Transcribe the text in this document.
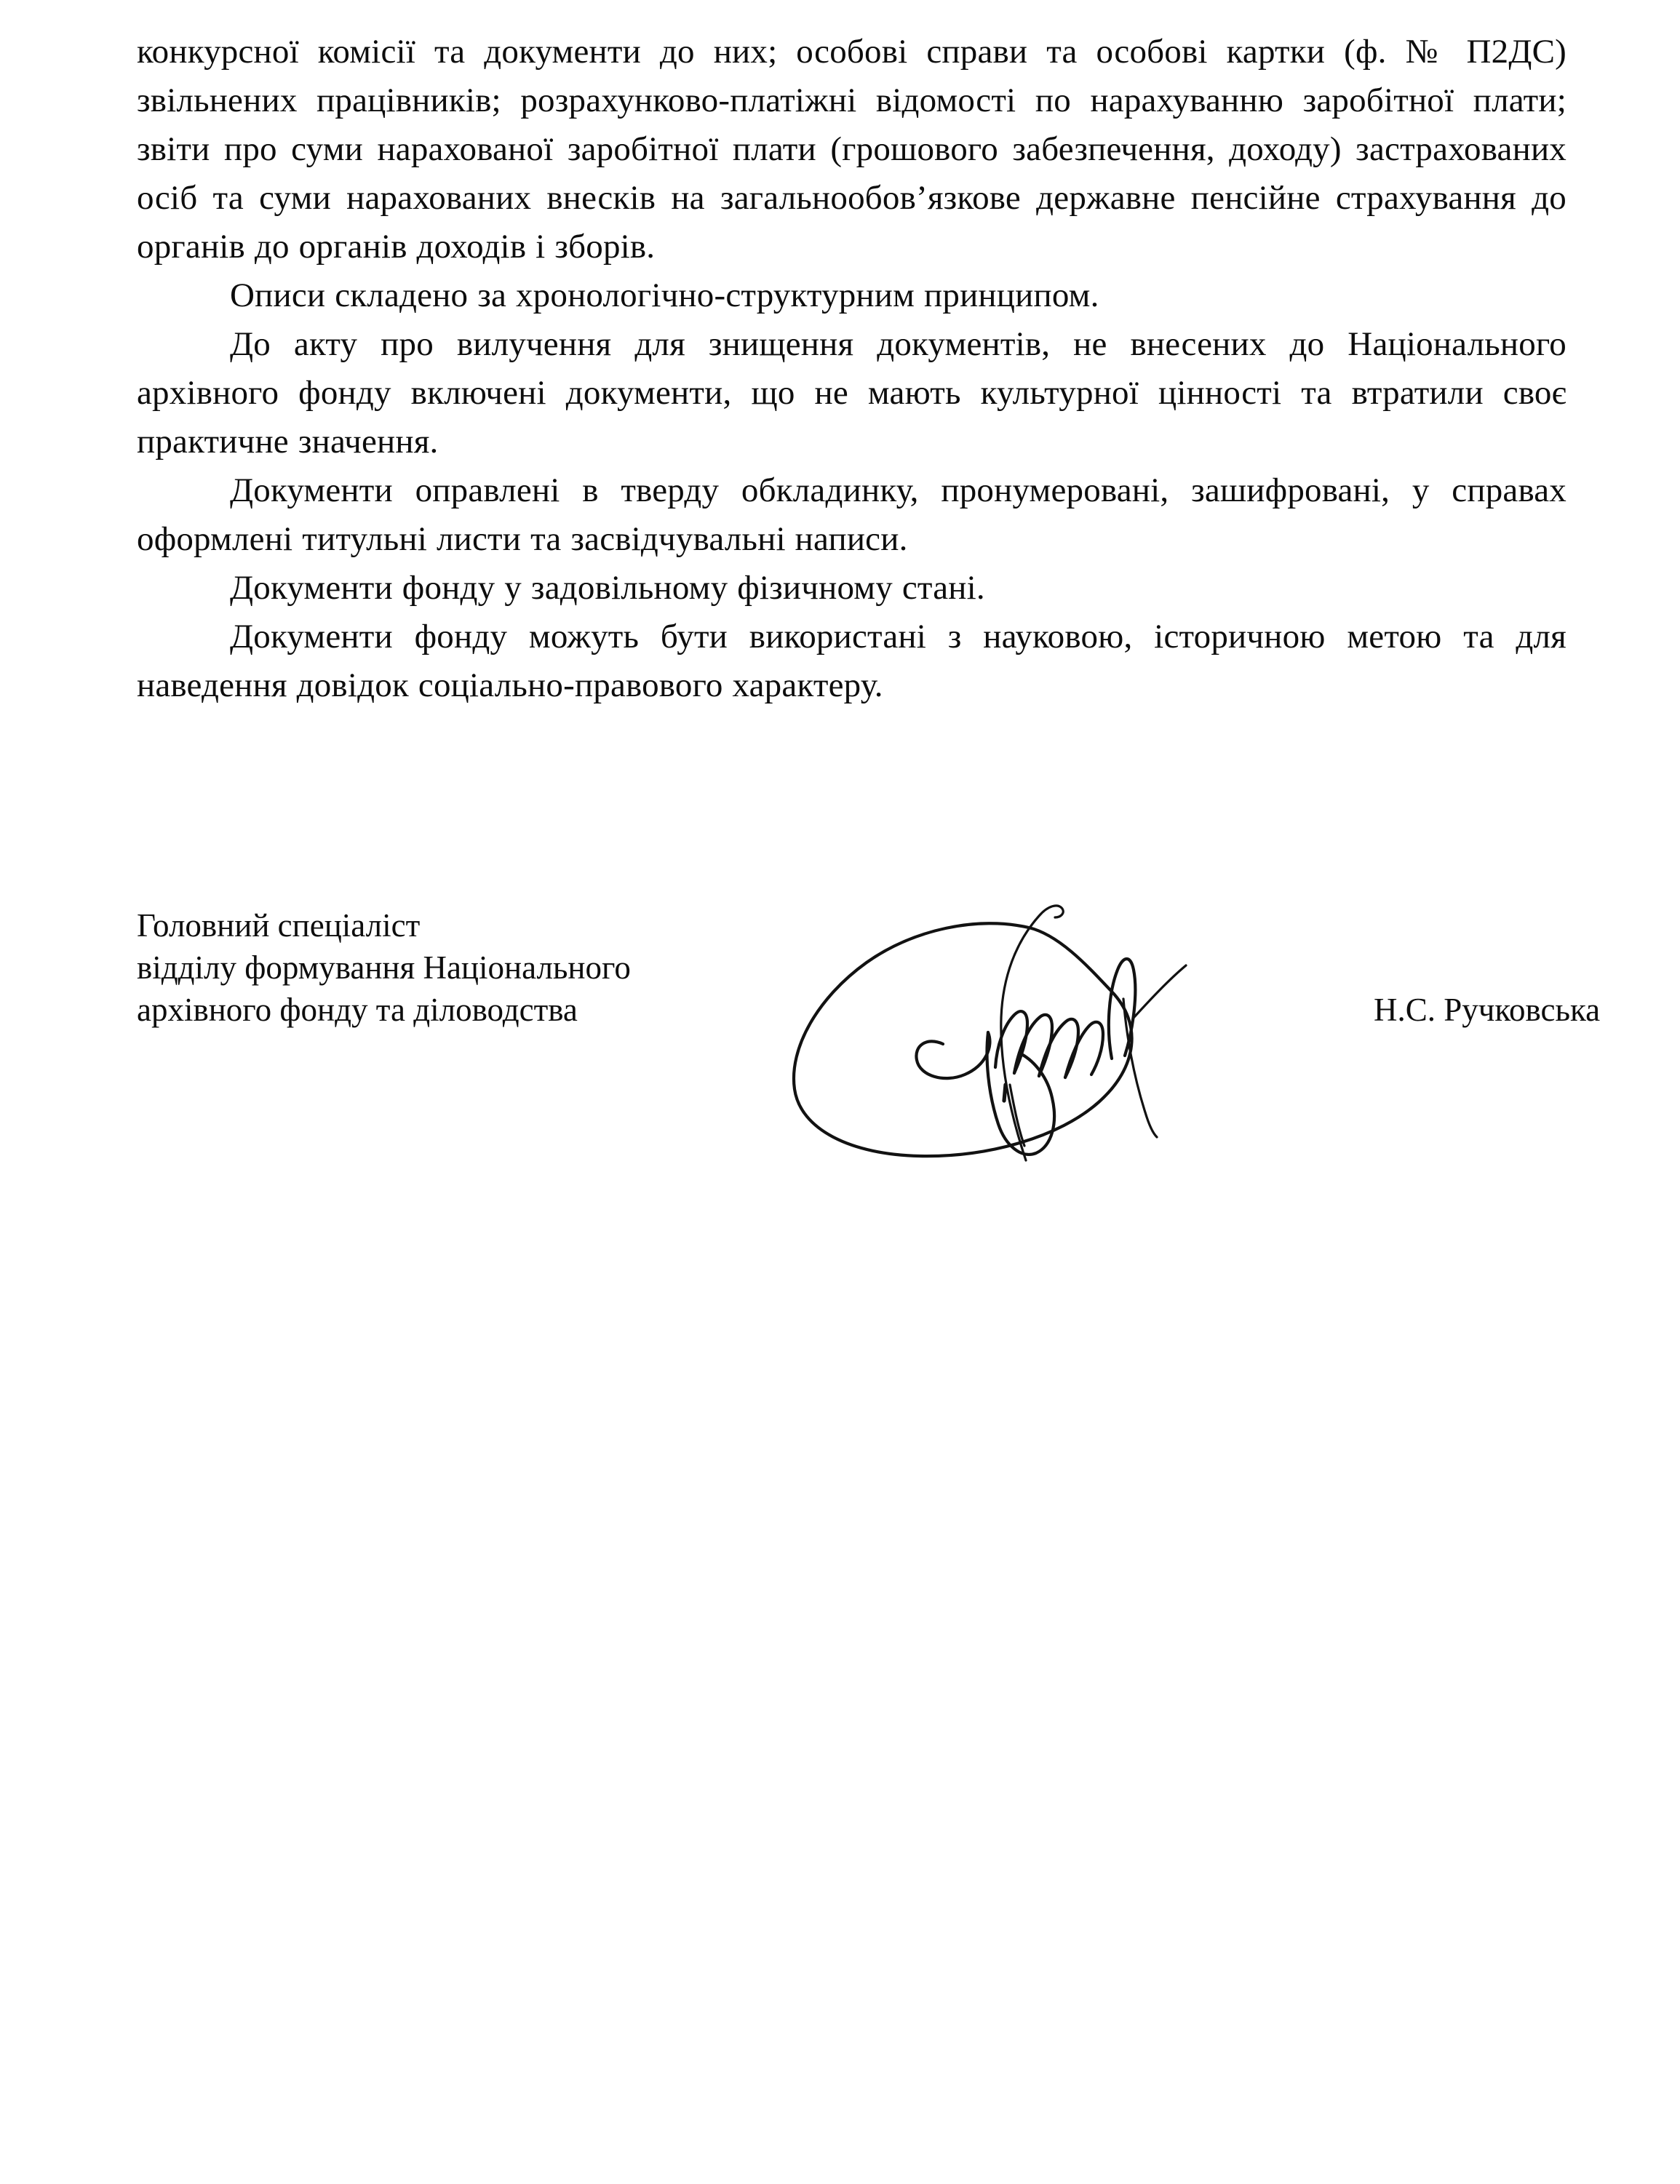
конкурсної комісії та документи до них; особові справи та особові картки (ф. № П2ДС) звільнених працівників; розрахунково-платіжні відомості по нарахуванню заробітної плати; звіти про суми нарахованої заробітної плати (грошового забезпечення, доходу) застрахованих осіб та суми нарахованих внесків на загальнообов’язкове державне пенсійне страхування до органів до органів доходів і зборів.

Описи складено за хронологічно-структурним принципом.

До акту про вилучення для знищення документів, не внесених до Національного архівного фонду включені документи, що не мають культурної цінності та втратили своє практичне значення.

Документи оправлені в тверду обкладинку, пронумеровані, зашифровані, у справах оформлені титульні листи та засвідчувальні написи.

Документи фонду у задовільному фізичному стані.

Документи фонду можуть бути використані з науковою, історичною метою та для наведення довідок соціально-правового характеру.

Головний спеціаліст
відділу формування Національного
архівного фонду та діловодства	Н.С. Ручковська
